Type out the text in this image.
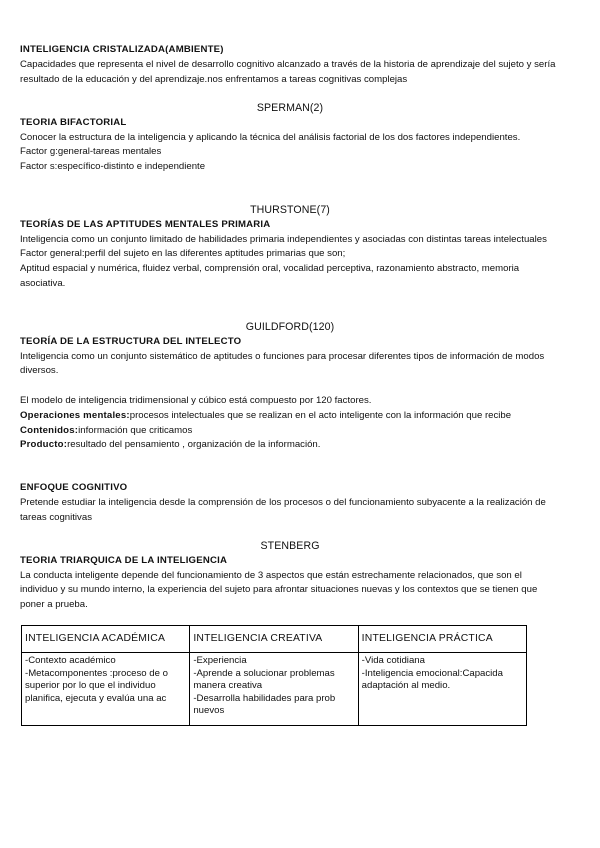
INTELIGENCIA CRISTALIZADA(AMBIENTE)

Capacidades que representa el nivel de desarrollo cognitivo alcanzado a través de la historia de aprendizaje del sujeto y sería resultado de la educación y del aprendizaje.nos enfrentamos a tareas cognitivas complejas

SPERMAN(2)

TEORIA BIFACTORIAL

Conocer la estructura de la inteligencia y aplicando la técnica del análisis factorial de los dos factores independientes.

Factor g:general-tareas mentales

Factor s:específico-distinto e independiente

THURSTONE(7)

TEORÍAS DE LAS APTITUDES MENTALES PRIMARIA

Inteligencia como un conjunto limitado de habilidades primaria independientes y asociadas con distintas tareas intelectuales

Factor general:perfil del sujeto en las diferentes aptitudes primarias que son;

Aptitud espacial y numérica, fluidez verbal, comprensión oral, vocalidad perceptiva, razonamiento abstracto, memoria asociativa.

GUILDFORD(120)

TEORÍA DE LA ESTRUCTURA DEL INTELECTO

Inteligencia como un conjunto sistemático de aptitudes o funciones para procesar diferentes tipos de información de modos diversos.

El modelo de inteligencia tridimensional y cúbico está compuesto por 120 factores.

Operaciones mentales:procesos intelectuales que se realizan en el acto inteligente con la información que recibe

Contenidos:información que criticamos

Producto:resultado del pensamiento , organización de la información.

ENFOQUE COGNITIVO

Pretende estudiar la inteligencia desde la comprensión de los procesos o del funcionamiento subyacente a la realización de tareas cognitivas

STENBERG

TEORIA TRIARQUICA DE LA INTELIGENCIA

La conducta inteligente depende del funcionamiento de 3 aspectos que están estrechamente relacionados, que son el individuo y su mundo interno, la experiencia del sujeto para afrontar situaciones nuevas y los contextos que se tienen que poner a prueba.

INTELIGENCIA ACADÉMICA	INTELIGENCIA CREATIVA	INTELIGENCIA PRÁCTICA

-Contexto académico
-Metacomponentes :proceso de o
superior por lo que el individuo
planifica, ejecuta y evalúa una ac	-Experiencia
-Aprende a solucionar problemas
manera creativa
-Desarrolla habilidades para prob
nuevos	-Vida cotidiana
-Inteligencia emocional:Capacida
adaptación al medio.
